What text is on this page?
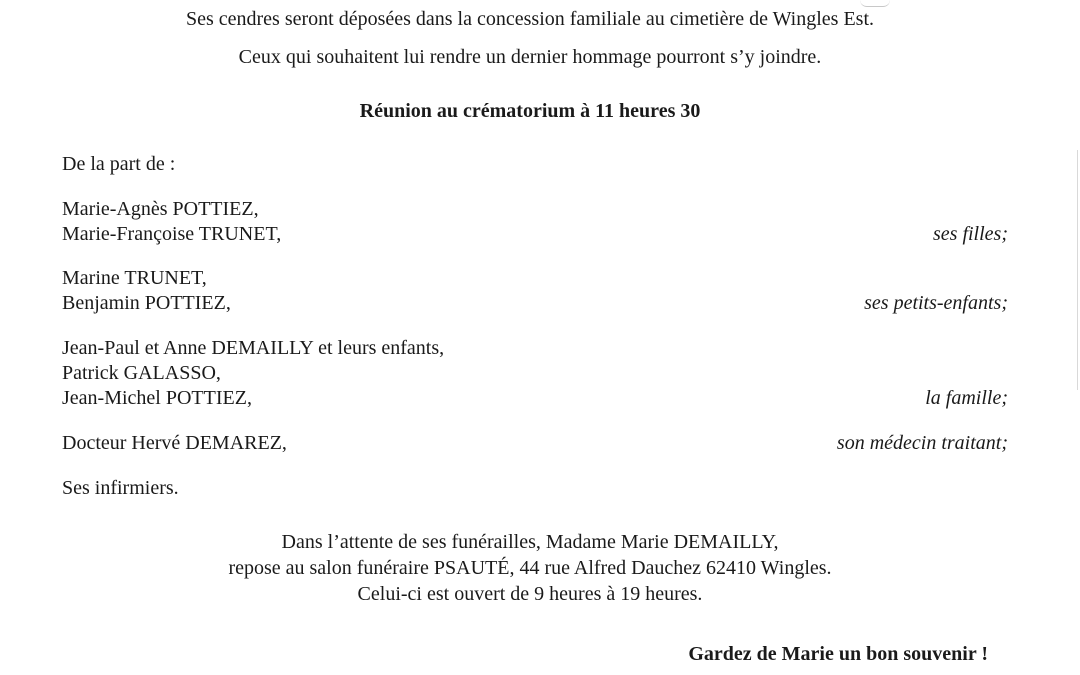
Ses cendres seront déposées dans la concession familiale au cimetière de Wingles Est.
Ceux qui souhaitent lui rendre un dernier hommage pourront s’y joindre.
Réunion au crématorium à 11 heures 30
De la part de :
Marie-Agnès POTTIEZ,
Marie-Françoise TRUNET,	ses filles;
Marine TRUNET,
Benjamin POTTIEZ,	ses petits-enfants;
Jean-Paul et Anne DEMAILLY et leurs enfants,
Patrick GALASSO,
Jean-Michel POTTIEZ,	la famille;
Docteur Hervé DEMAREZ,	son médecin traitant;
Ses infirmiers.
Dans l’attente de ses funérailles, Madame Marie DEMAILLY,
repose au salon funéraire PSAUTÉ, 44 rue Alfred Dauchez 62410 Wingles.
Celui-ci est ouvert de 9 heures à 19 heures.
Gardez de Marie un bon souvenir !
